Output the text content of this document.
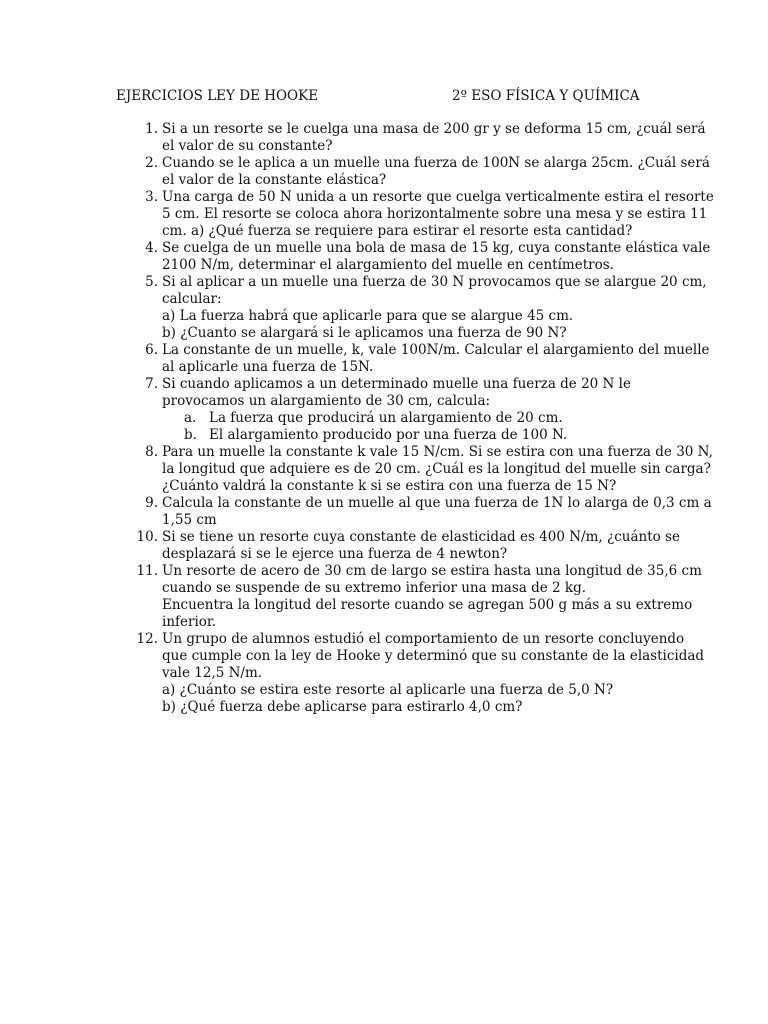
EJERCICIOS LEY DE HOOKE	2º ESO FÍSICA Y QUÍMICA
1. Si a un resorte se le cuelga una masa de 200 gr y se deforma 15 cm, ¿cuál será
el valor de su constante?
2. Cuando se le aplica a un muelle una fuerza de 100N se alarga 25cm. ¿Cuál será
el valor de la constante elástica?
3. Una carga de 50 N unida a un resorte que cuelga verticalmente estira el resorte
5 cm. El resorte se coloca ahora horizontalmente sobre una mesa y se estira 11
cm. a) ¿Qué fuerza se requiere para estirar el resorte esta cantidad?
4. Se cuelga de un muelle una bola de masa de 15 kg, cuya constante elástica vale
2100 N/m, determinar el alargamiento del muelle en centímetros.
5. Si al aplicar a un muelle una fuerza de 30 N provocamos que se alargue 20 cm,
calcular:
a) La fuerza habrá que aplicarle para que se alargue 45 cm.
b) ¿Cuanto se alargará si le aplicamos una fuerza de 90 N?
6. La constante de un muelle, k, vale 100N/m. Calcular el alargamiento del muelle
al aplicarle una fuerza de 15N.
7. Si cuando aplicamos a un determinado muelle una fuerza de 20 N le
provocamos un alargamiento de 30 cm, calcula:
a. La fuerza que producirá un alargamiento de 20 cm.
b. El alargamiento producido por una fuerza de 100 N.
8. Para un muelle la constante k vale 15 N/cm. Si se estira con una fuerza de 30 N,
la longitud que adquiere es de 20 cm. ¿Cuál es la longitud del muelle sin carga?
¿Cuánto valdrá la constante k si se estira con una fuerza de 15 N?
9. Calcula la constante de un muelle al que una fuerza de 1N lo alarga de 0,3 cm a
1,55 cm
10. Si se tiene un resorte cuya constante de elasticidad es 400 N/m, ¿cuánto se
desplazará si se le ejerce una fuerza de 4 newton?
11. Un resorte de acero de 30 cm de largo se estira hasta una longitud de 35,6 cm
cuando se suspende de su extremo inferior una masa de 2 kg.
Encuentra la longitud del resorte cuando se agregan 500 g más a su extremo
inferior.
12. Un grupo de alumnos estudió el comportamiento de un resorte concluyendo
que cumple con la ley de Hooke y determinó que su constante de la elasticidad
vale 12,5 N/m.
a) ¿Cuánto se estira este resorte al aplicarle una fuerza de 5,0 N?
b) ¿Qué fuerza debe aplicarse para estirarlo 4,0 cm?
